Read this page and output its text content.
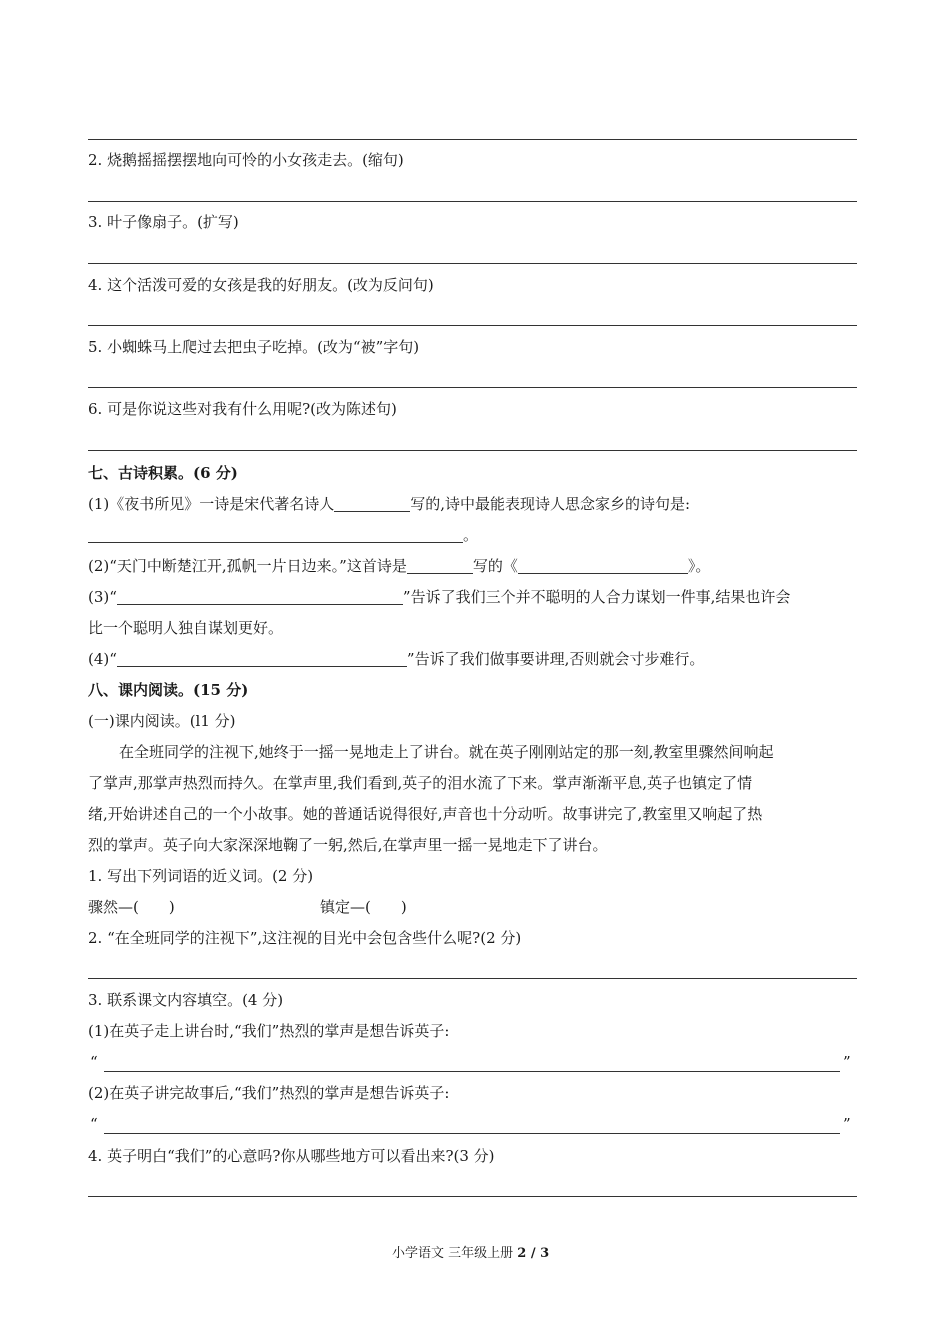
2. 烧鹅摇摇摆摆地向可怜的小女孩走去。(缩句)
3. 叶子像扇子。(扩写)
4. 这个活泼可爱的女孩是我的好朋友。(改为反问句)
5. 小蜘蛛马上爬过去把虫子吃掉。(改为“被”字句)
6. 可是你说这些对我有什么用呢?(改为陈述句)
七、古诗积累。(6 分)
(1)《夜书所见》一诗是宋代著名诗人	写的,诗中最能表现诗人思念家乡的诗句是:
。
(2)“天门中断楚江开,孤帆一片日边来。”这首诗是	写的《	》。
(3)“	”告诉了我们三个并不聪明的人合力谋划一件事,结果也许会
比一个聪明人独自谋划更好。
(4)“	”告诉了我们做事要讲理,否则就会寸步难行。
八、课内阅读。(15 分)
(一)课内阅读。(l1 分)
在全班同学的注视下,她终于一摇一晃地走上了讲台。就在英子刚刚站定的那一刻,教室里骤然间响起
了掌声,那掌声热烈而持久。在掌声里,我们看到,英子的泪水流了下来。掌声渐渐平息,英子也镇定了情
绪,开始讲述自己的一个小故事。她的普通话说得很好,声音也十分动听。故事讲完了,教室里又响起了热
烈的掌声。英子向大家深深地鞠了一躬,然后,在掌声里一摇一晃地走下了讲台。
1. 写出下列词语的近义词。(2 分)
骤然—(　　)	镇定—(　　)
2. “在全班同学的注视下”,这注视的目光中会包含些什么呢?(2 分)
3. 联系课文内容填空。(4 分)
(1)在英子走上讲台时,“我们”热烈的掌声是想告诉英子:
“	”
(2)在英子讲完故事后,“我们”热烈的掌声是想告诉英子:
“	”
4. 英子明白“我们”的心意吗?你从哪些地方可以看出来?(3 分)
小学语文 三年级上册 2 / 3
